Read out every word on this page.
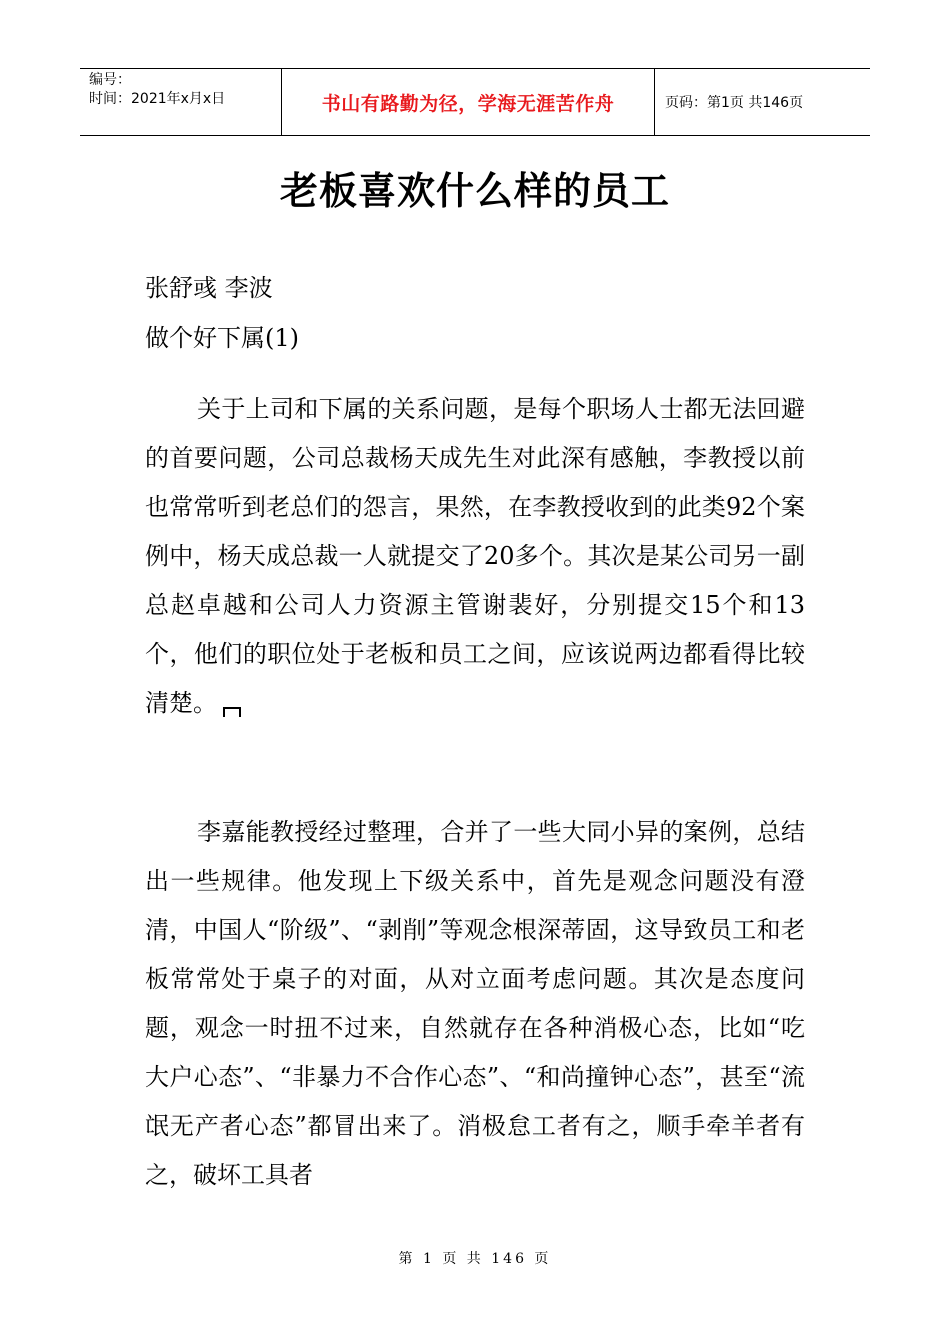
编号：
时间：2021年x月x日	书山有路勤为径，学海无涯苦作舟	页码：第1页 共146页
老板喜欢什么样的员工
张舒彧 李波
做个好下属(1)

关于上司和下属的关系问题，是每个职场人士都无法回避的首要问题，公司总裁杨天成先生对此深有感触，李教授以前也常常听到老总们的怨言，果然，在李教授收到的此类92个案例中，杨天成总裁一人就提交了20多个。其次是某公司另一副总赵卓越和公司人力资源主管谢裴好，分别提交15个和13个，他们的职位处于老板和员工之间，应该说两边都看得比较清楚。

李嘉能教授经过整理，合并了一些大同小异的案例，总结出一些规律。他发现上下级关系中，首先是观念问题没有澄清，中国人“阶级”、“剥削”等观念根深蒂固，这导致员工和老板常常处于桌子的对面，从对立面考虑问题。其次是态度问题，观念一时扭不过来，自然就存在各种消极心态，比如“吃大户心态”、“非暴力不合作心态”、“和尚撞钟心态”，甚至“流氓无产者心态”都冒出来了。消极怠工者有之，顺手牵羊者有之，破坏工具者

第 1 页 共 146 页
